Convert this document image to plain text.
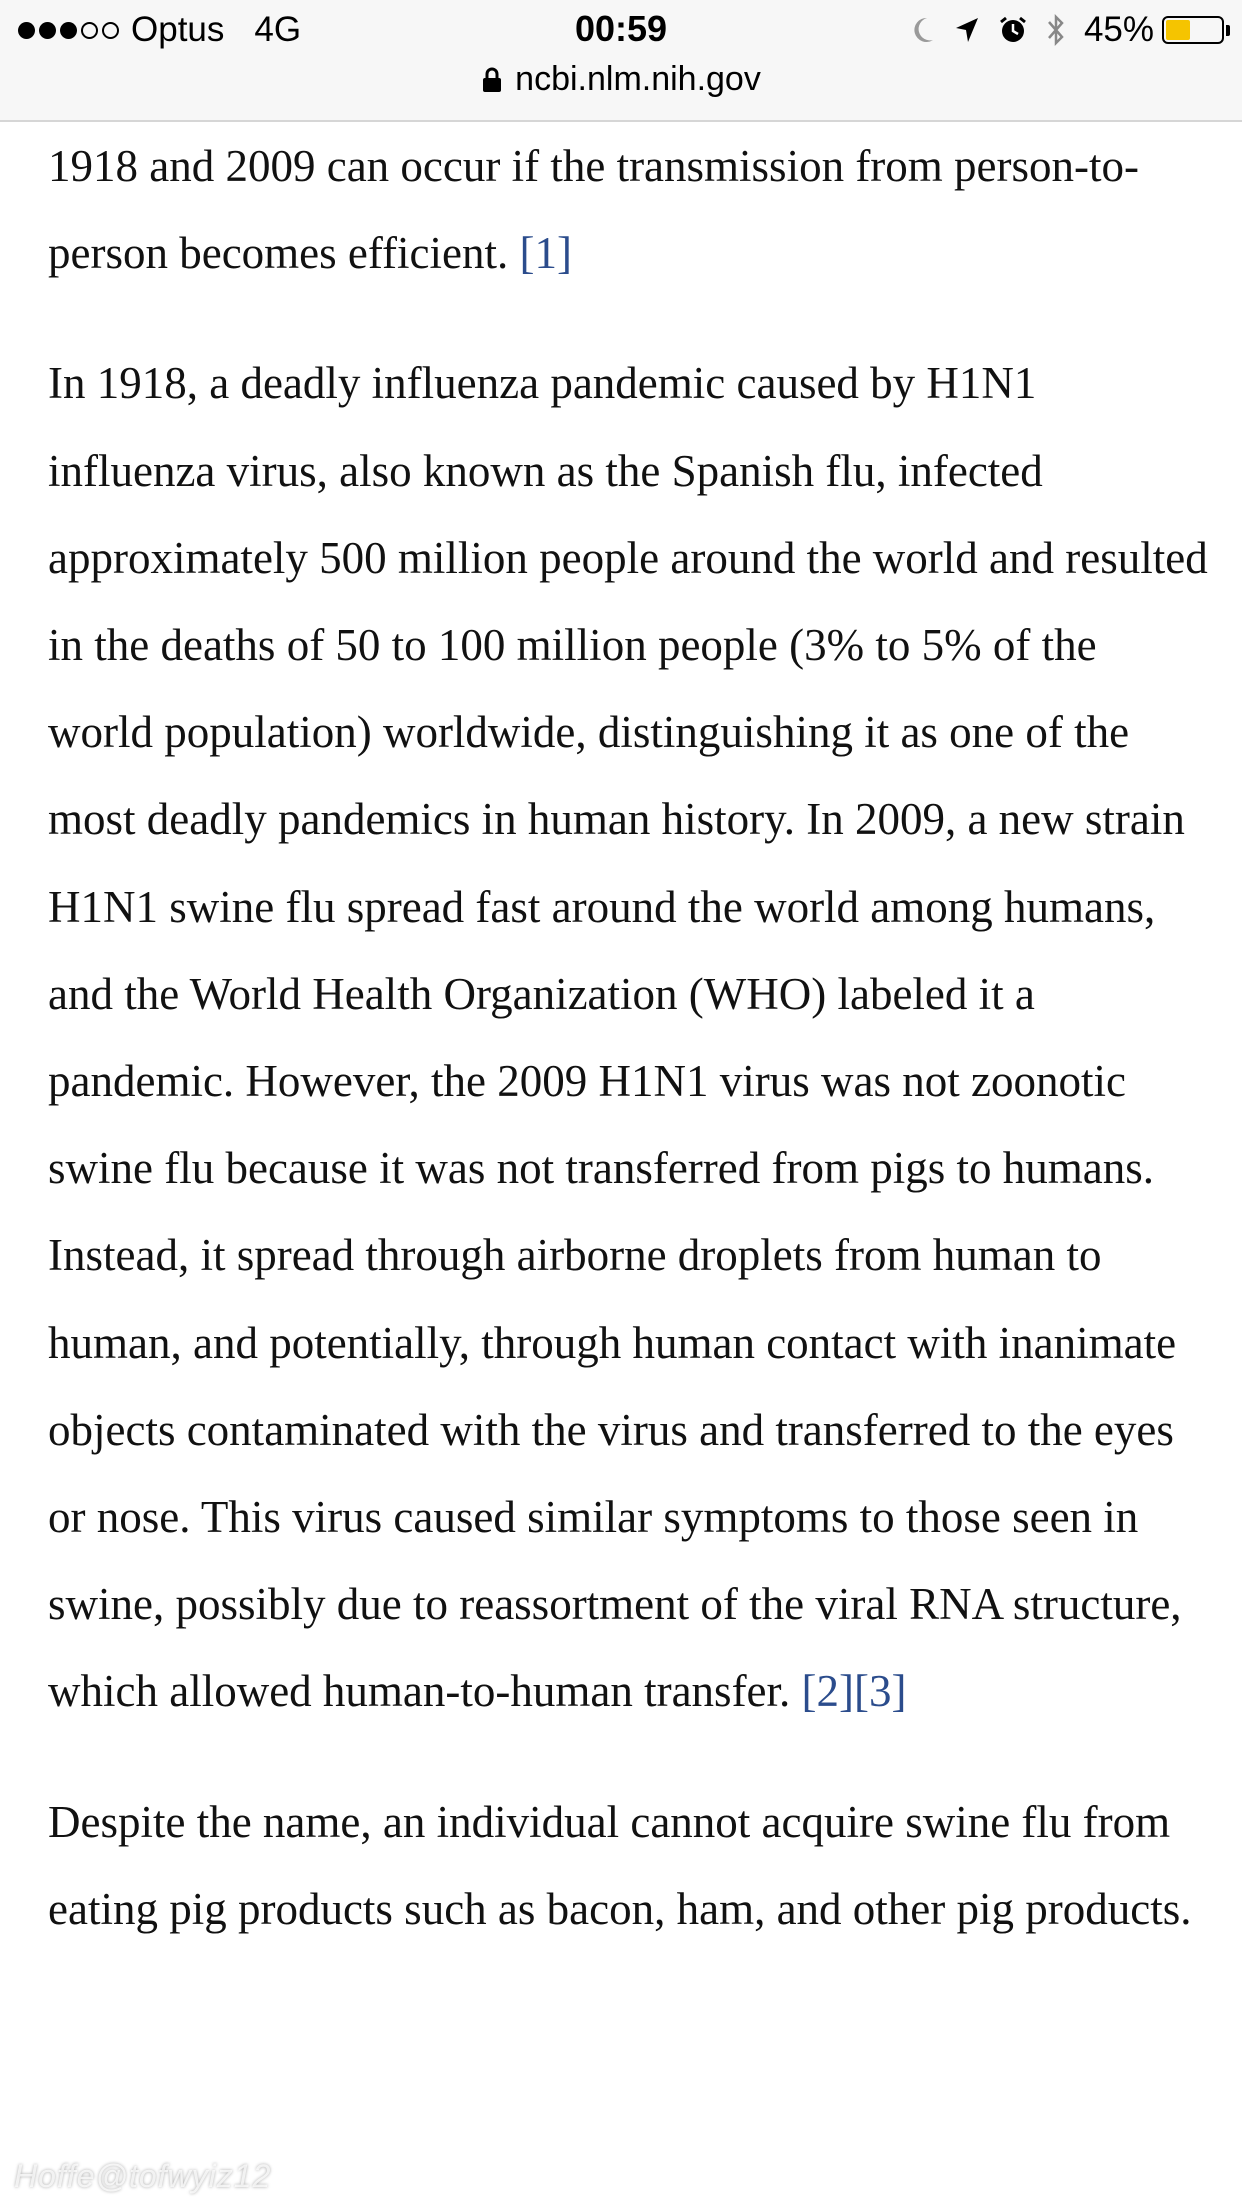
Optus 4G	00:59	45%
ncbi.nlm.nih.gov

1918 and 2009 can occur if the transmission from person-to-person becomes efficient. [1]

In 1918, a deadly influenza pandemic caused by H1N1 influenza virus, also known as the Spanish flu, infected approximately 500 million people around the world and resulted in the deaths of 50 to 100 million people (3% to 5% of the world population) worldwide, distinguishing it as one of the most deadly pandemics in human history. In 2009, a new strain H1N1 swine flu spread fast around the world among humans, and the World Health Organization (WHO) labeled it a pandemic. However, the 2009 H1N1 virus was not zoonotic swine flu because it was not transferred from pigs to humans. Instead, it spread through airborne droplets from human to human, and potentially, through human contact with inanimate objects contaminated with the virus and transferred to the eyes or nose. This virus caused similar symptoms to those seen in swine, possibly due to reassortment of the viral RNA structure, which allowed human-to-human transfer. [2][3]

Despite the name, an individual cannot acquire swine flu from eating pig products such as bacon, ham, and other pig products.

Hoffe@tofwyiz12
